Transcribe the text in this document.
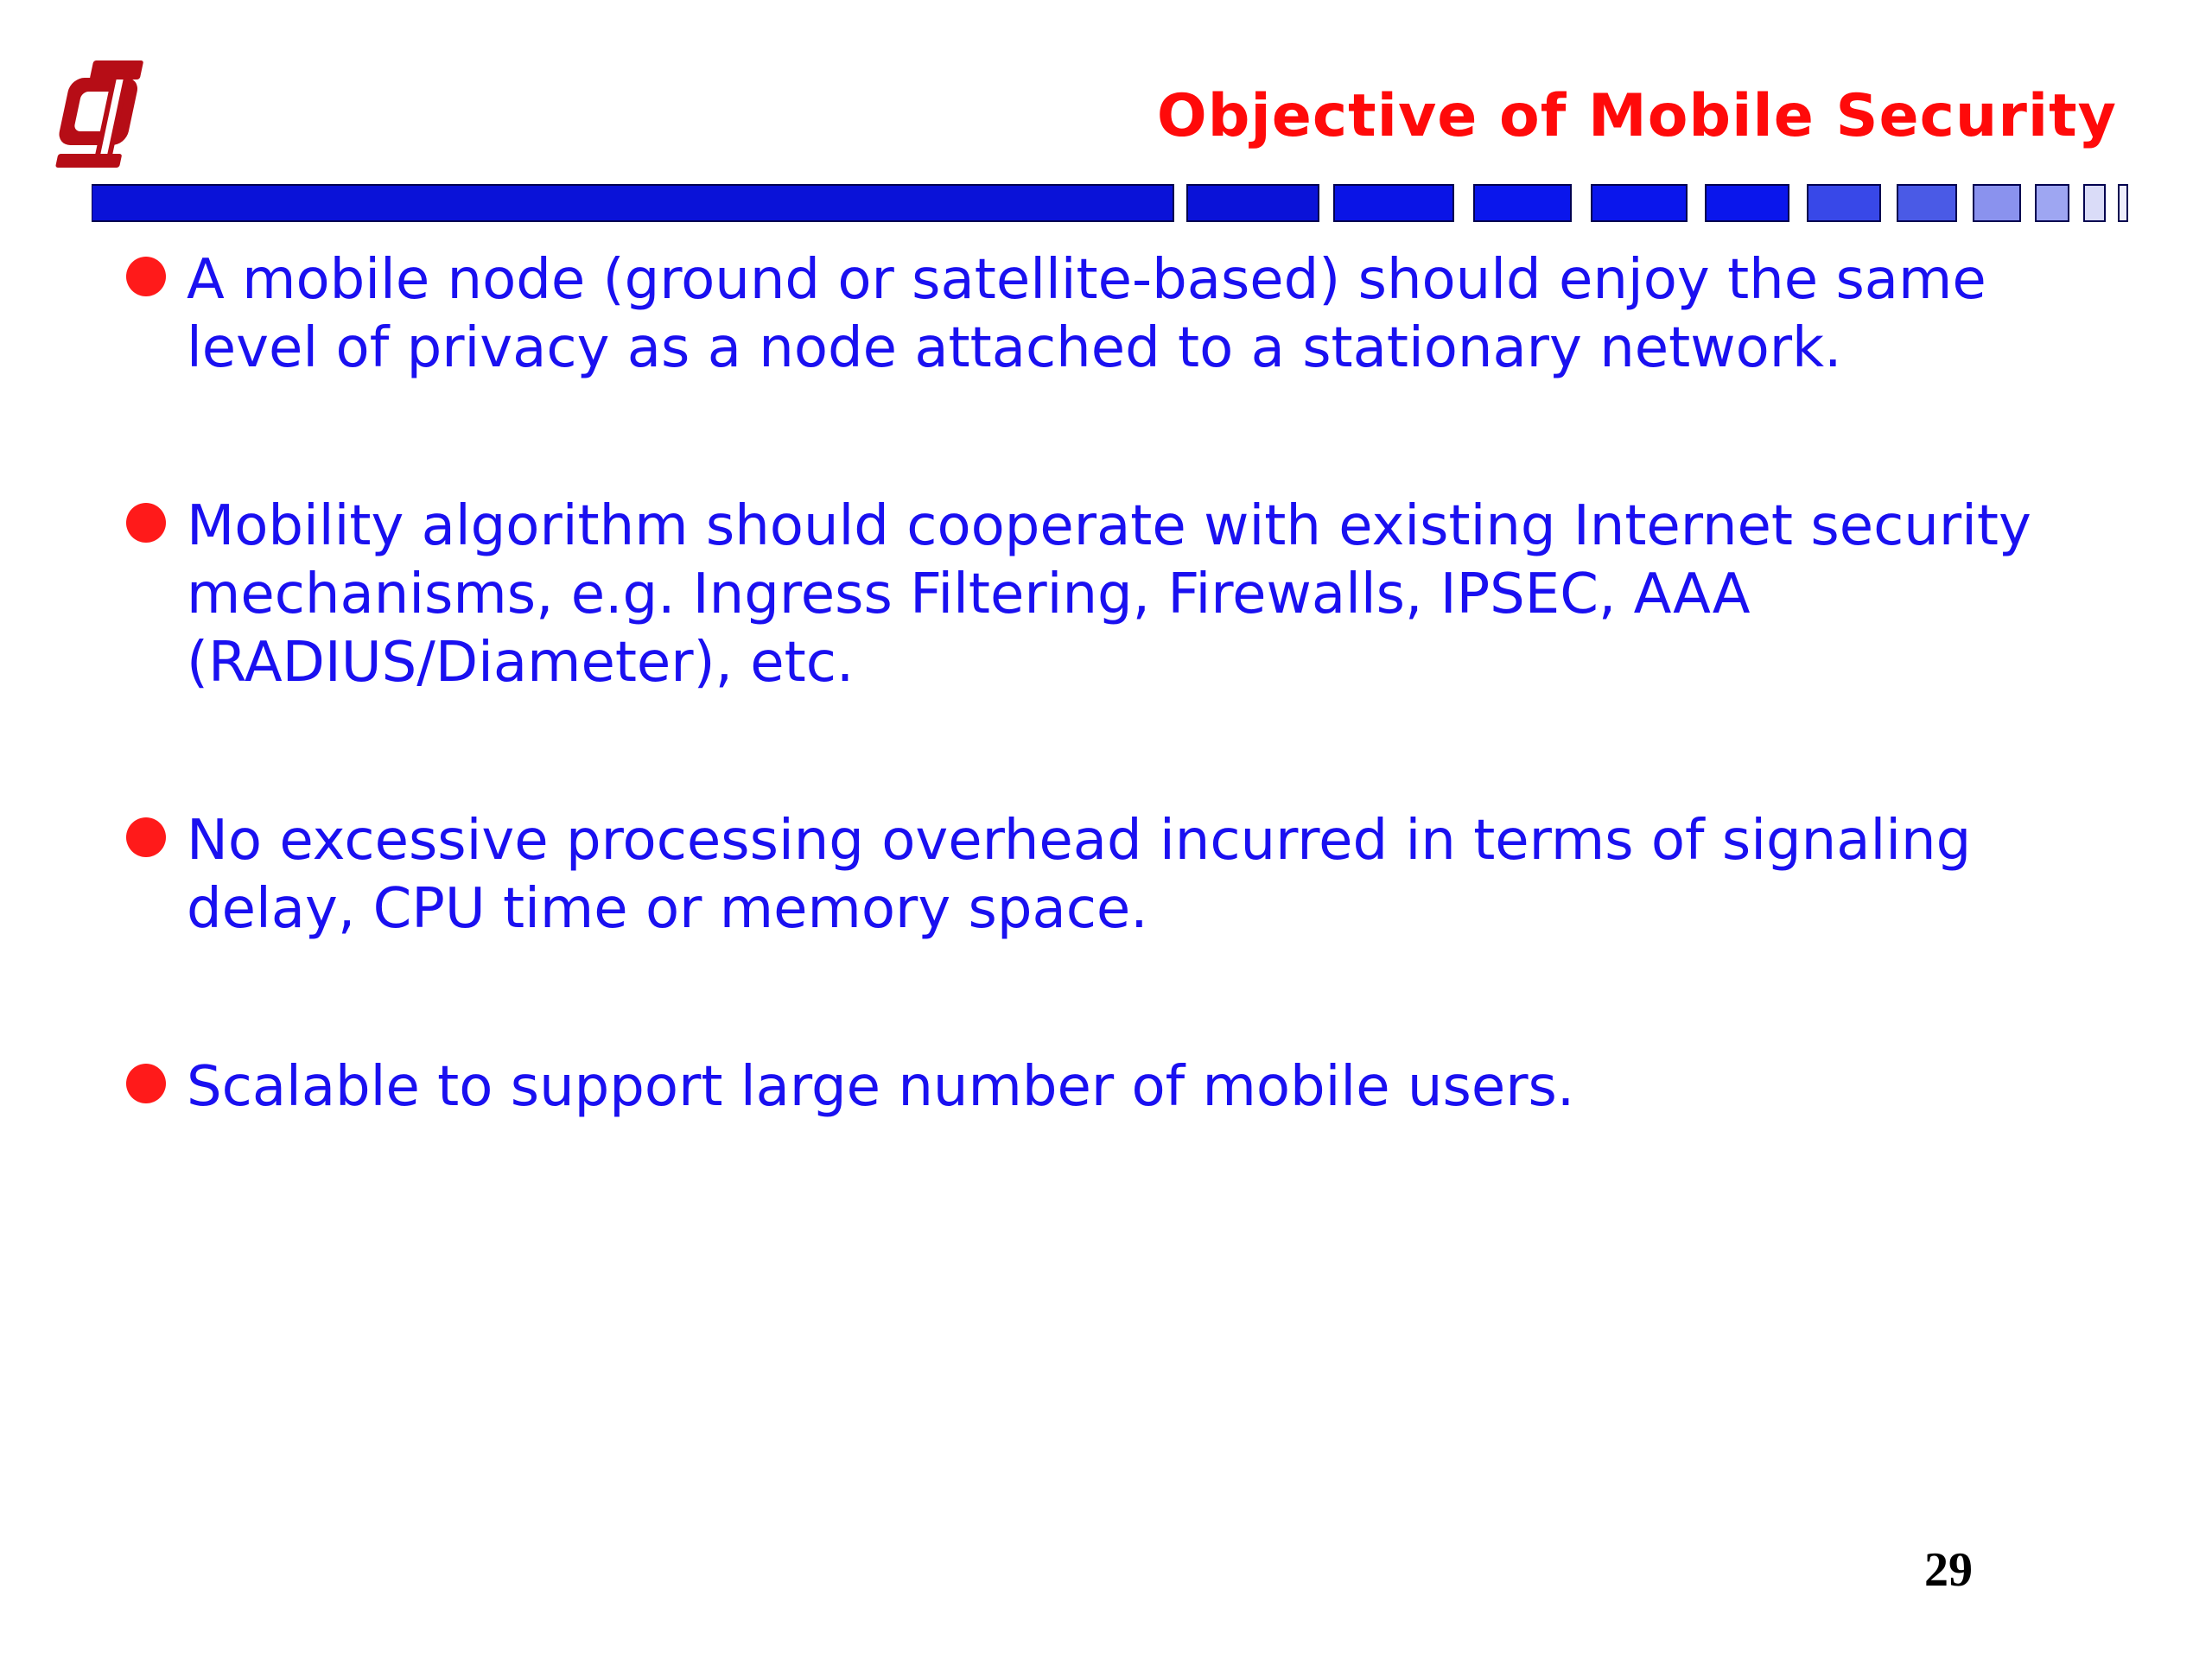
Objective of Mobile Security
A mobile node (ground or satellite-based) should enjoy the same level of privacy as a node attached to a stationary network.
Mobility algorithm should cooperate with existing Internet security mechanisms, e.g. Ingress Filtering, Firewalls, IPSEC, AAA (RADIUS/Diameter), etc.
No excessive processing overhead incurred in terms of signaling delay, CPU time or memory space.
Scalable to support large number of mobile users.
29
